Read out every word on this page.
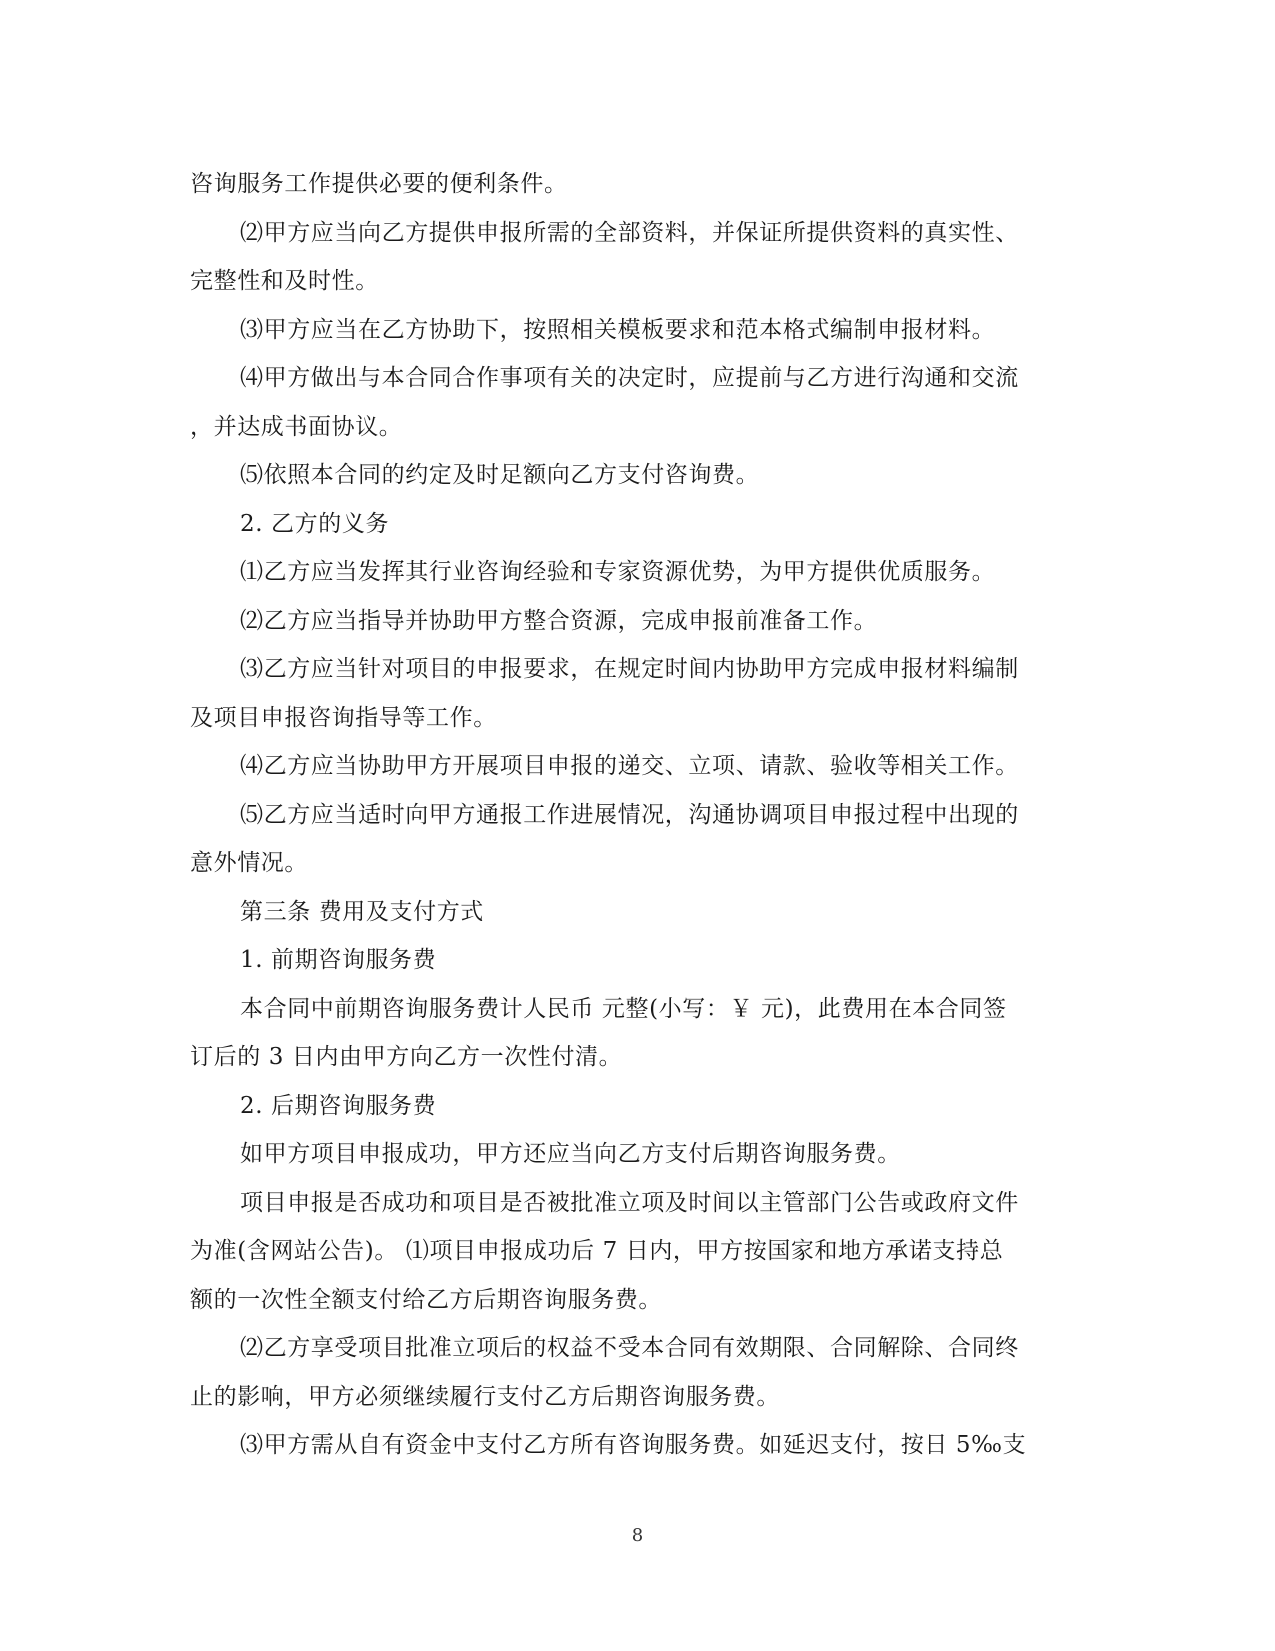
咨询服务工作提供必要的便利条件。
⑵甲方应当向乙方提供申报所需的全部资料，并保证所提供资料的真实性、
完整性和及时性。
⑶甲方应当在乙方协助下，按照相关模板要求和范本格式编制申报材料。
⑷甲方做出与本合同合作事项有关的决定时，应提前与乙方进行沟通和交流
，并达成书面协议。
⑸依照本合同的约定及时足额向乙方支付咨询费。
2. 乙方的义务
⑴乙方应当发挥其行业咨询经验和专家资源优势，为甲方提供优质服务。
⑵乙方应当指导并协助甲方整合资源，完成申报前准备工作。
⑶乙方应当针对项目的申报要求，在规定时间内协助甲方完成申报材料编制
及项目申报咨询指导等工作。
⑷乙方应当协助甲方开展项目申报的递交、立项、请款、验收等相关工作。
⑸乙方应当适时向甲方通报工作进展情况，沟通协调项目申报过程中出现的
意外情况。
第三条 费用及支付方式
1. 前期咨询服务费
本合同中前期咨询服务费计人民币 元整(小写：￥ 元)，此费用在本合同签
订后的 3 日内由甲方向乙方一次性付清。
2. 后期咨询服务费
如甲方项目申报成功，甲方还应当向乙方支付后期咨询服务费。
项目申报是否成功和项目是否被批准立项及时间以主管部门公告或政府文件
为准(含网站公告)。 ⑴项目申报成功后 7 日内，甲方按国家和地方承诺支持总
额的一次性全额支付给乙方后期咨询服务费。
⑵乙方享受项目批准立项后的权益不受本合同有效期限、合同解除、合同终
止的影响，甲方必须继续履行支付乙方后期咨询服务费。
⑶甲方需从自有资金中支付乙方所有咨询服务费。如延迟支付，按日 5‰支
8
